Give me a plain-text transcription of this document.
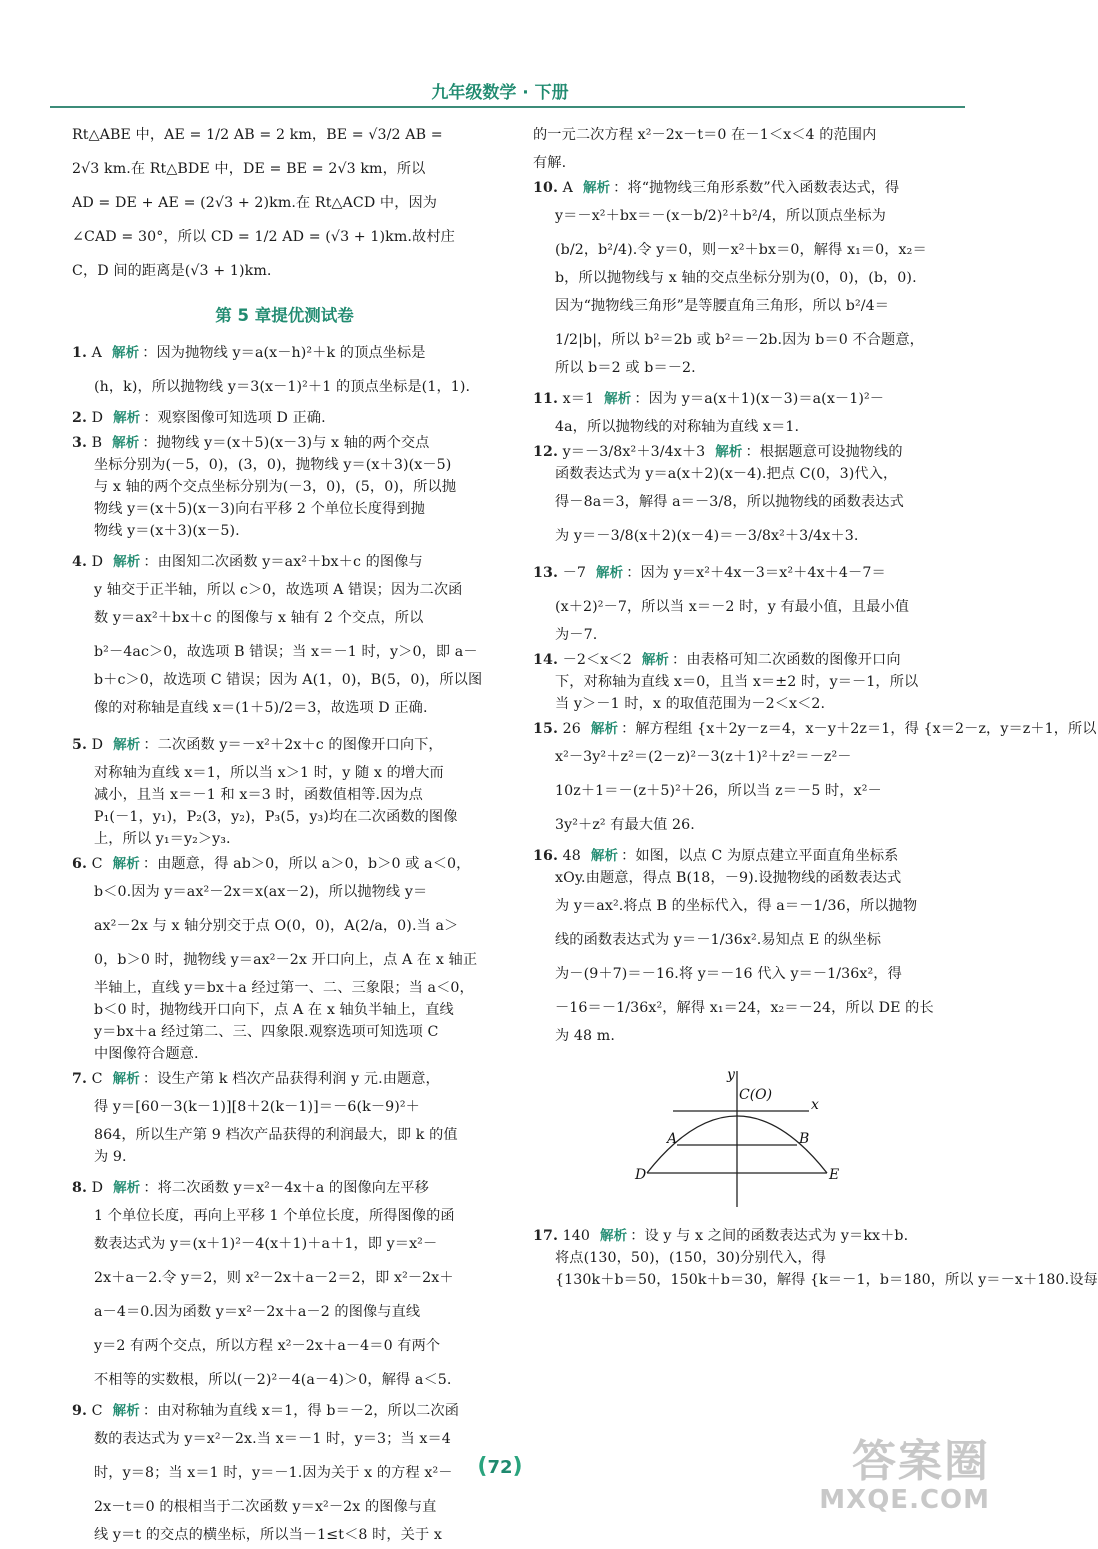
九年级数学 · 下册
Rt△ABE 中，AE = 1/2 AB = 2 km，BE = √3/2 AB =
2√3 km.在 Rt△BDE 中，DE = BE = 2√3 km，所以
AD = DE + AE = (2√3 + 2)km.在 Rt△ACD 中，因为
∠CAD = 30°，所以 CD = 1/2 AD = (√3 + 1)km.故村庄
C，D 间的距离是(√3 + 1)km.
第 5 章提优测试卷
1. A 解析 ：因为抛物线 y＝a(x－h)²＋k 的顶点坐标是
(h，k)，所以抛物线 y＝3(x－1)²＋1 的顶点坐标是(1，1).
2. D 解析 ：观察图像可知选项 D 正确.
3. B 解析 ：抛物线 y＝(x＋5)(x－3)与 x 轴的两个交点
坐标分别为(－5，0)，(3，0)，抛物线 y＝(x＋3)(x－5)
与 x 轴的两个交点坐标分别为(－3，0)，(5，0)，所以抛
物线 y＝(x＋5)(x－3)向右平移 2 个单位长度得到抛
物线 y＝(x＋3)(x－5).
4. D 解析 ：由图知二次函数 y＝ax²＋bx＋c 的图像与
y 轴交于正半轴，所以 c＞0，故选项 A 错误；因为二次函
数 y＝ax²＋bx＋c 的图像与 x 轴有 2 个交点，所以
b²－4ac＞0，故选项 B 错误；当 x＝－1 时，y＞0，即 a－
b＋c＞0，故选项 C 错误；因为 A(1，0)，B(5，0)，所以图
像的对称轴是直线 x＝(1＋5)/2＝3，故选项 D 正确.
5. D 解析 ：二次函数 y＝－x²＋2x＋c 的图像开口向下，
对称轴为直线 x＝1，所以当 x＞1 时，y 随 x 的增大而
减小，且当 x＝－1 和 x＝3 时，函数值相等.因为点
P₁(－1，y₁)，P₂(3，y₂)，P₃(5，y₃)均在二次函数的图像
上，所以 y₁＝y₂＞y₃.
6. C 解析 ：由题意，得 ab＞0，所以 a＞0，b＞0 或 a＜0，
b＜0.因为 y＝ax²－2x＝x(ax－2)，所以抛物线 y＝
ax²－2x 与 x 轴分别交于点 O(0，0)，A(2/a，0).当 a＞
0，b＞0 时，抛物线 y＝ax²－2x 开口向上，点 A 在 x 轴正
半轴上，直线 y＝bx＋a 经过第一、二、三象限；当 a＜0，
b＜0 时，抛物线开口向下，点 A 在 x 轴负半轴上，直线
y＝bx＋a 经过第二、三、四象限.观察选项可知选项 C
中图像符合题意.
7. C 解析 ：设生产第 k 档次产品获得利润 y 元.由题意，
得 y＝[60－3(k－1)][8＋2(k－1)]＝－6(k－9)²＋
864，所以生产第 9 档次产品获得的利润最大，即 k 的值
为 9.
8. D 解析 ：将二次函数 y＝x²－4x＋a 的图像向左平移
1 个单位长度，再向上平移 1 个单位长度，所得图像的函
数表达式为 y＝(x＋1)²－4(x＋1)＋a＋1，即 y＝x²－
2x＋a－2.令 y＝2，则 x²－2x＋a－2＝2，即 x²－2x＋
a－4＝0.因为函数 y＝x²－2x＋a－2 的图像与直线
y＝2 有两个交点，所以方程 x²－2x＋a－4＝0 有两个
不相等的实数根，所以(－2)²－4(a－4)＞0，解得 a＜5.
9. C 解析 ：由对称轴为直线 x＝1，得 b＝－2，所以二次函
数的表达式为 y＝x²－2x.当 x＝－1 时，y＝3；当 x＝4
时，y＝8；当 x＝1 时，y＝－1.因为关于 x 的方程 x²－
2x－t＝0 的根相当于二次函数 y＝x²－2x 的图像与直
线 y＝t 的交点的横坐标，所以当－1≤t＜8 时，关于 x
的一元二次方程 x²－2x－t＝0 在－1＜x＜4 的范围内
有解.
10. A 解析 ：将“抛物线三角形系数”代入函数表达式，得
y＝－x²＋bx＝－(x－b/2)²＋b²/4，所以顶点坐标为
(b/2，b²/4).令 y＝0，则－x²＋bx＝0，解得 x₁＝0，x₂＝
b，所以抛物线与 x 轴的交点坐标分别为(0，0)，(b，0).
因为“抛物线三角形”是等腰直角三角形，所以 b²/4＝
1/2|b|，所以 b²＝2b 或 b²＝－2b.因为 b＝0 不合题意，
所以 b＝2 或 b＝－2.
11. x＝1 解析 ：因为 y＝a(x＋1)(x－3)＝a(x－1)²－
4a，所以抛物线的对称轴为直线 x＝1.
12. y＝－3/8x²＋3/4x＋3 解析 ：根据题意可设抛物线的
函数表达式为 y＝a(x＋2)(x－4).把点 C(0，3)代入，
得－8a＝3，解得 a＝－3/8，所以抛物线的函数表达式
为 y＝－3/8(x＋2)(x－4)＝－3/8x²＋3/4x＋3.
13. －7 解析 ：因为 y＝x²＋4x－3＝x²＋4x＋4－7＝
(x＋2)²－7，所以当 x＝－2 时，y 有最小值，且最小值
为－7.
14. －2＜x＜2 解析 ：由表格可知二次函数的图像开口向
下，对称轴为直线 x＝0，且当 x＝±2 时，y＝－1，所以
当 y＞－1 时，x 的取值范围为－2＜x＜2.
15. 26 解析 ：解方程组 {x＋2y－z＝4，x－y＋2z＝1，得 {x＝2－z，y＝z＋1，所以
x²－3y²＋z²＝(2－z)²－3(z＋1)²＋z²＝－z²－
10z＋1＝－(z＋5)²＋26，所以当 z＝－5 时，x²－
3y²＋z² 有最大值 26.
16. 48 解析 ：如图，以点 C 为原点建立平面直角坐标系
xOy.由题意，得点 B(18，－9).设抛物线的函数表达式
为 y＝ax².将点 B 的坐标代入，得 a＝－1/36，所以抛物
线的函数表达式为 y＝－1/36x².易知点 E 的纵坐标
为－(9＋7)＝－16.将 y＝－16 代入 y＝－1/36x²，得
－16＝－1/36x²，解得 x₁＝24，x₂＝－24，所以 DE 的长
为 48 m.
y
x
C(O)
A	B
D	E
17. 140 解析 ：设 y 与 x 之间的函数表达式为 y＝kx＋b.
将点(130，50)，(150，30)分别代入，得
{130k＋b＝50，150k＋b＝30，解得 {k＝－1，b＝180，所以 y＝－x＋180.设每
(72)	答案圈
MXQE.COM
